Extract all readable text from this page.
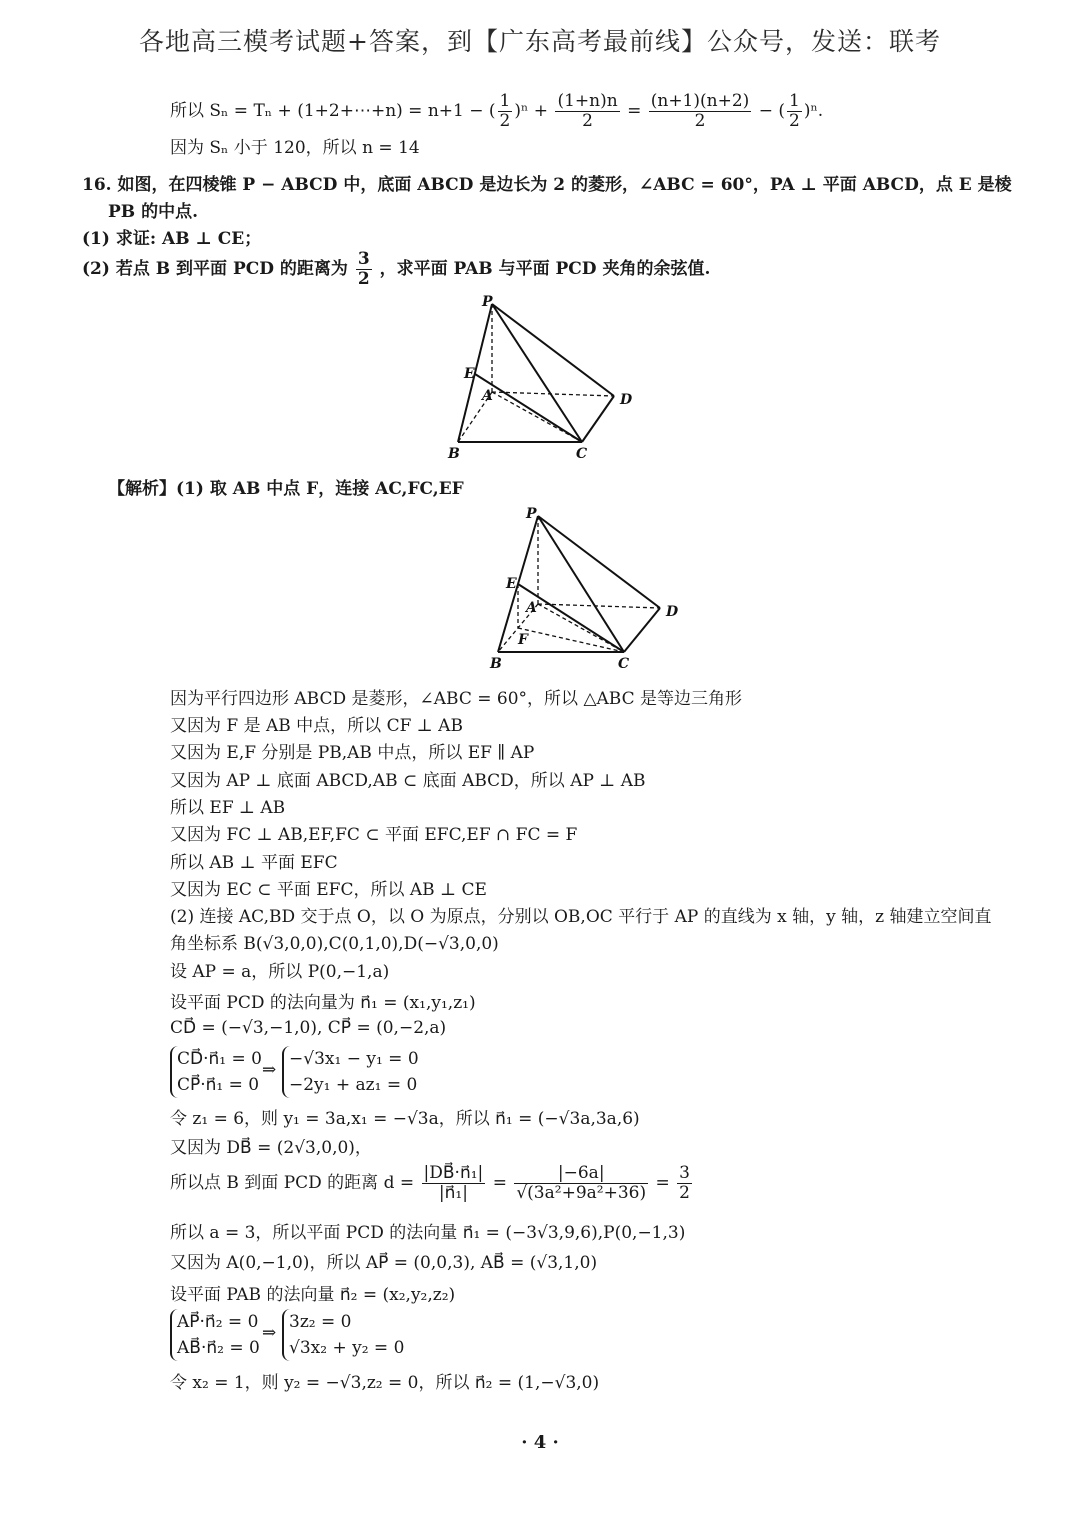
各地高三模考试题+答案，到【广东高考最前线】公众号，发送：联考
所以 Sₙ = Tₙ + (1+2+⋯+n) = n+1 − ( $\frac{1}{2} )^n + \frac{(1+n)n}{2} = \frac{(n+1)(n+2)}{2}$ − ( $\frac{1}{2} )^n$.
因为 Sₙ 小于 120，所以 n = 14
16. 如图，在四棱锥 P − ABCD 中，底面 ABCD 是边长为 2 的菱形，∠ABC = 60°，PA ⊥ 平面 ABCD，点 E 是棱
PB 的中点.
(1) 求证: AB ⊥ CE；
(2) 若点 B 到平面 PCD 的距离为 $\frac{3}{2}$ ，求平面 PAB 与平面 PCD 夹角的余弦值.
P
E
A	D
B	C
【解析】(1) 取 AB 中点 F，连接 AC,FC,EF
P
E
A
F
D
B	C
因为平行四边形 ABCD 是菱形，∠ABC = 60°，所以 △ABC 是等边三角形
又因为 F 是 AB 中点，所以 CF ⊥ AB
又因为 E,F 分别是 PB,AB 中点，所以 EF ∥ AP
又因为 AP ⊥ 底面 ABCD,AB ⊂ 底面 ABCD，所以 AP ⊥ AB
所以 EF ⊥ AB
又因为 FC ⊥ AB,EF,FC ⊂ 平面 EFC,EF ∩ FC = F
所以 AB ⊥ 平面 EFC
又因为 EC ⊂ 平面 EFC，所以 AB ⊥ CE
(2) 连接 AC,BD 交于点 O，以 O 为原点，分别以 OB,OC 平行于 AP 的直线为 x 轴，y 轴，z 轴建立空间直
角坐标系 B(√3,0,0),C(0,1,0),D(−√3,0,0)
设 AP = a，所以 P(0,−1,a)
设平面 PCD 的法向量为 n⃗₁ = (x₁,y₁,z₁)
CD⃗ = (−√3,−1,0), CP⃗ = (0,−2,a)
CD⃗·n⃗₁ = 0
CP⃗·n⃗₁ = 0
⇒
−√3x₁ − y₁ = 0
−2y₁ + az₁ = 0
令 z₁ = 6，则 y₁ = 3a,x₁ = −√3a，所以 n⃗₁ = (−√3a,3a,6)
又因为 DB⃗ = (2√3,0,0)，
所以点 B 到面 PCD 的距离 $d = \frac{\text{|DB⃗·n⃗₁|}}{\text{|n⃗₁|}} = \frac{|-6a|}{\text{√(3a²+9a²+36)}} = \frac{3}{2}$
所以 a = 3，所以平面 PCD 的法向量 n⃗₁ = (−3√3,9,6),P(0,−1,3)
又因为 A(0,−1,0)，所以 AP⃗ = (0,0,3), AB⃗ = (√3,1,0)
设平面 PAB 的法向量 n⃗₂ = (x₂,y₂,z₂)
AP⃗·n⃗₂ = 0
AB⃗·n⃗₂ = 0
⇒
3z₂ = 0
√3x₂ + y₂ = 0
令 x₂ = 1，则 y₂ = −√3,z₂ = 0，所以 n⃗₂ = (1,−√3,0)
· 4 ·
